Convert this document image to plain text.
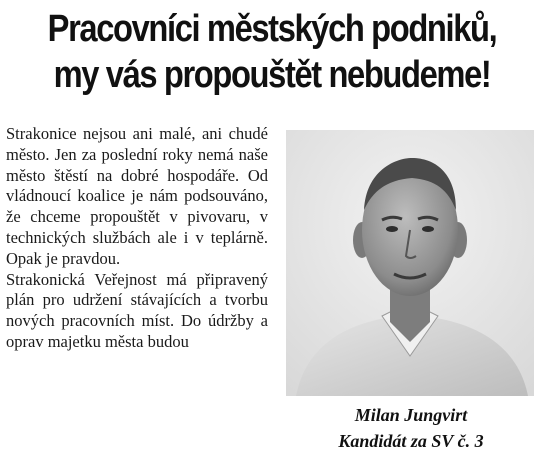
Pracovníci městských podniků,
my vás propouštět nebudeme!

Strakonice nejsou ani malé, ani chudé město. Jen za poslední roky nemá naše město štěstí na dobré hospodáře. Od vládnoucí koalice je nám podsouváno, že chceme propouštět v pivovaru, v technických službách ale i v teplárně. Opak je pravdou.

Strakonická Veřejnost má připravený plán pro udržení stávajících a tvorbu nových pracovních míst. Do údržby a oprav majetku města budou

Milan Jungvirt
Kandidát za SV č. 3
